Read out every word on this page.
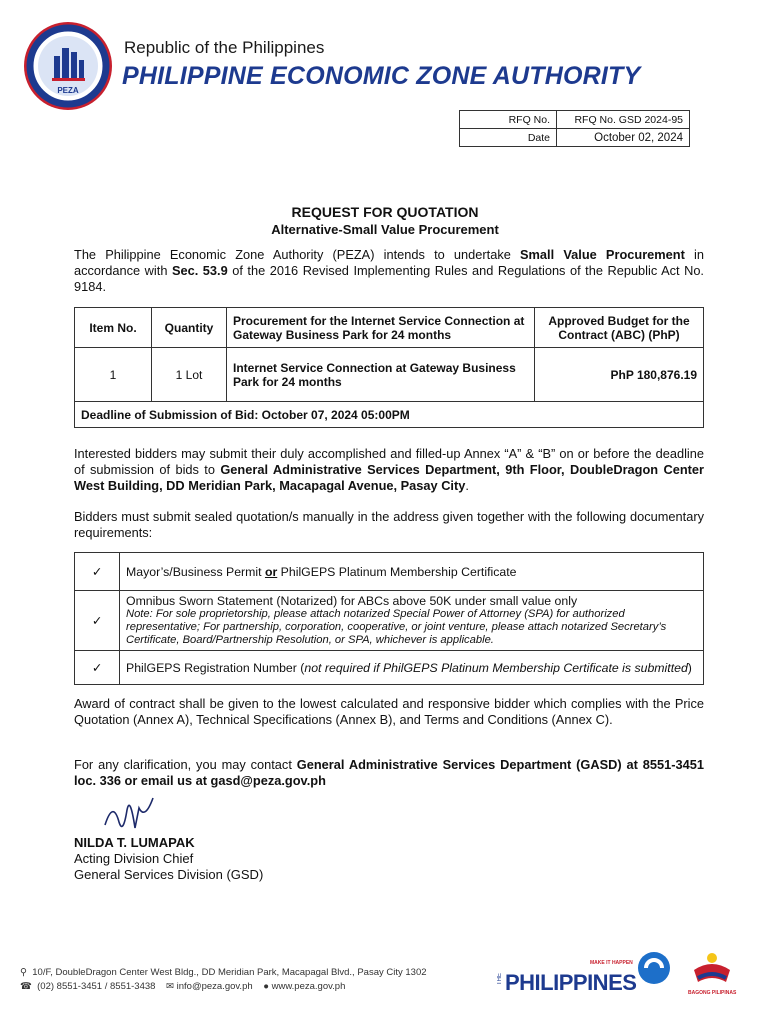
PEZA
Republic of the Philippines
PHILIPPINE ECONOMIC ZONE AUTHORITY
RFQ No.	RFQ No. GSD 2024-95
Date	October 02, 2024
REQUEST FOR QUOTATION
Alternative-Small Value Procurement
The Philippine Economic Zone Authority (PEZA) intends to undertake Small Value Procurement in accordance with Sec. 53.9 of the 2016 Revised Implementing Rules and Regulations of the Republic Act No. 9184.
Item No.	Quantity	Procurement for the Internet Service Connection at Gateway Business Park for 24 months	Approved Budget for the Contract (ABC) (PhP)
1	1 Lot	Internet Service Connection at Gateway Business Park for 24 months	PhP 180,876.19
Deadline of Submission of Bid: October 07, 2024 05:00PM			
Interested bidders may submit their duly accomplished and filled-up Annex “A” & “B” on or before the deadline of submission of bids to General Administrative Services Department, 9th Floor, DoubleDragon Center West Building, DD Meridian Park, Macapagal Avenue, Pasay City.
Bidders must submit sealed quotation/s manually in the address given together with the following documentary requirements:
✓	Mayor’s/Business Permit or PhilGEPS Platinum Membership Certificate
✓	Omnibus Sworn Statement (Notarized) for ABCs above 50K under small value only
Note: For sole proprietorship, please attach notarized Special Power of Attorney (SPA) for authorized representative; For partnership, corporation, cooperative, or joint venture, please attach notarized Secretary’s Certificate, Board/Partnership Resolution, or SPA, whichever is applicable.

✓	PhilGEPS Registration Number (not required if PhilGEPS Platinum Membership Certificate is submitted)
Award of contract shall be given to the lowest calculated and responsive bidder which complies with the Price Quotation (Annex A), Technical Specifications (Annex B), and Terms and Conditions (Annex C).
For any clarification, you may contact General Administrative Services Department (GASD) at 8551-3451 loc. 336 or email us at gasd@peza.gov.ph
NILDA T. LUMAPAK
Acting Division Chief
General Services Division (GSD)
⚲ 10/F, DoubleDragon Center West Bldg., DD Meridian Park, Macapagal Blvd., Pasay City 1302
☎ (02) 8551-3451 / 8551-3438 ✉ info@peza.gov.ph ● www.peza.gov.ph
THE PHILIPPINES
MAKE IT HAPPEN
BAGONG PILIPINAS
